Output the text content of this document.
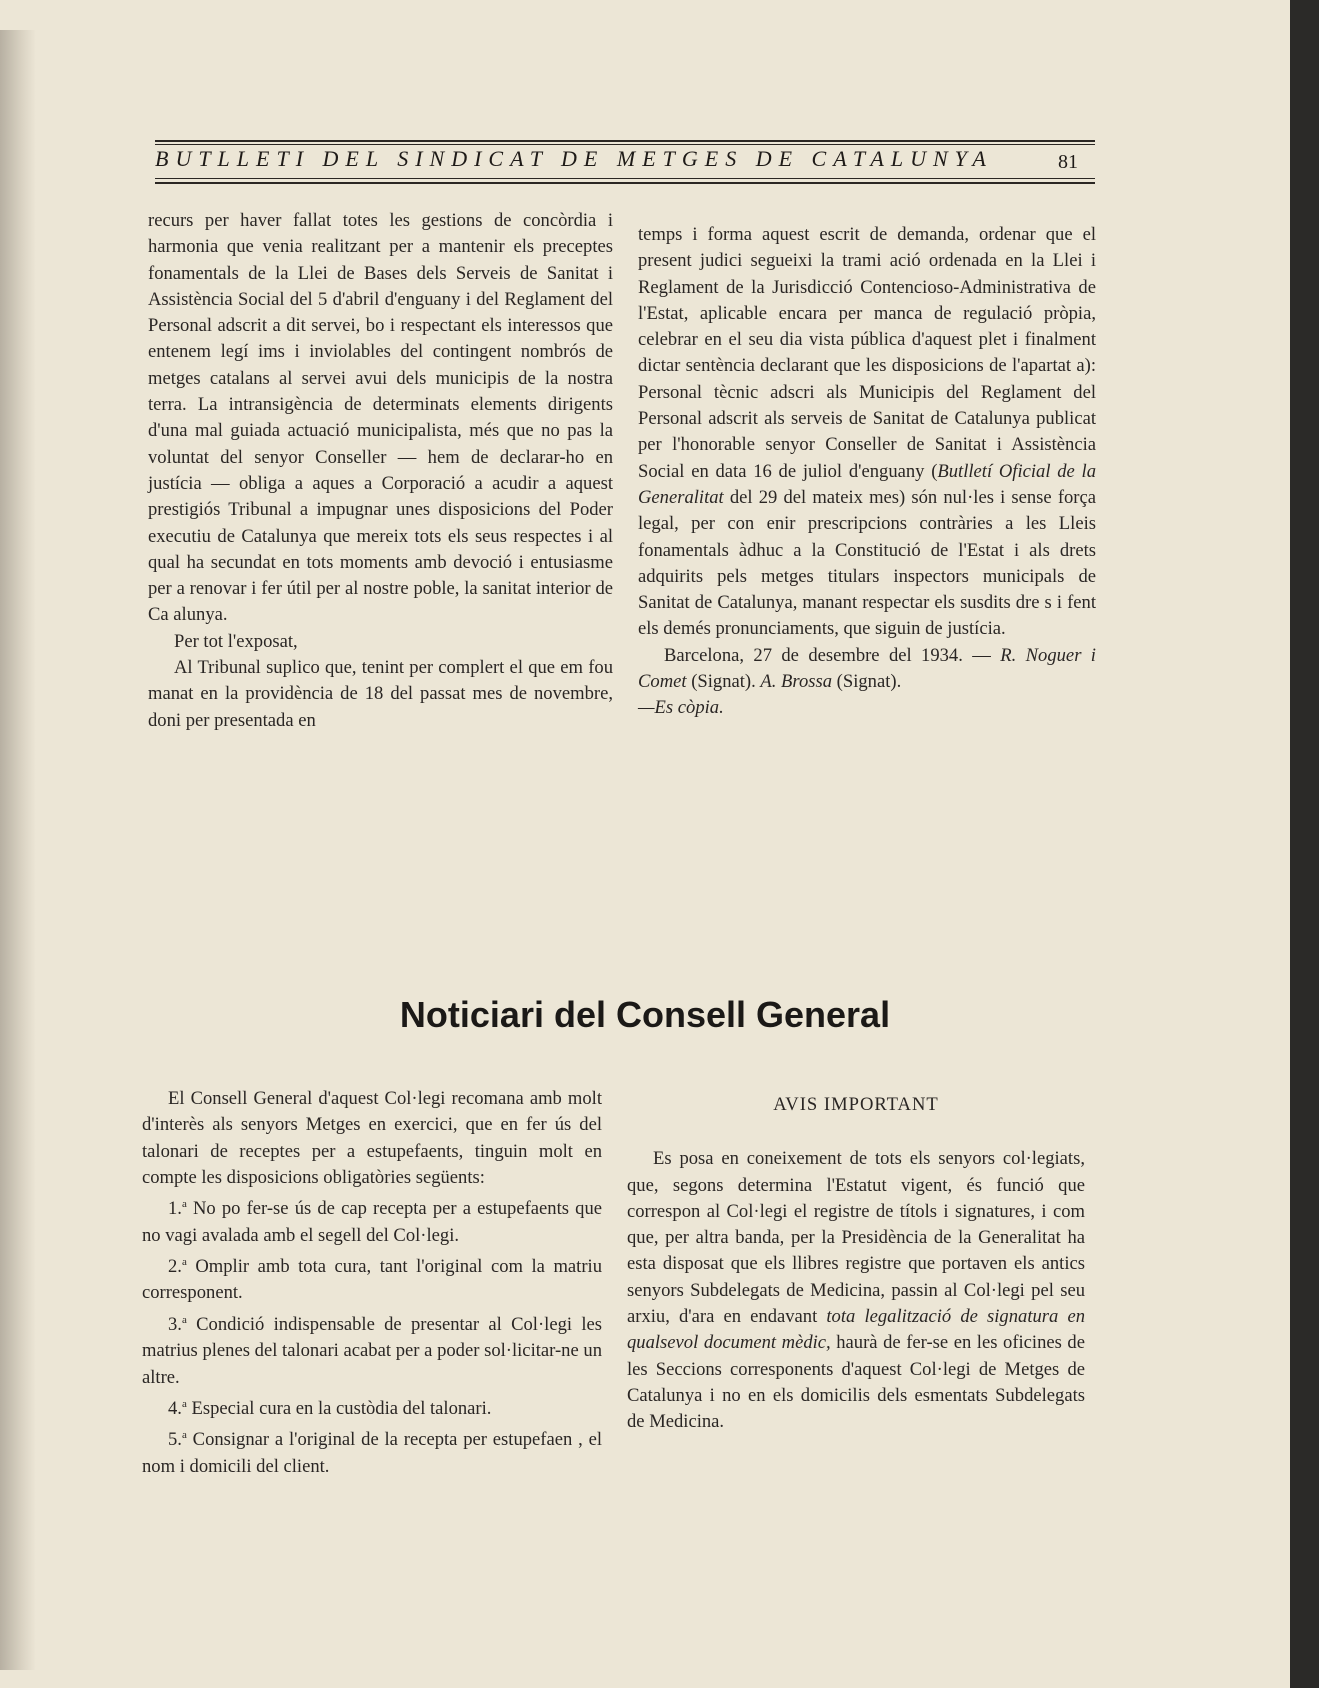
BUTLLETI DEL SINDICAT DE METGES DE CATALUNYA	81

recurs per haver fallat totes les gestions de concòrdia i harmonia que venia realitzant per a mantenir els preceptes fonamentals de la Llei de Bases dels Serveis de Sanitat i Assistència Social del 5 d'abril d'enguany i del Reglament del Personal adscrit a dit servei, bo i respectant els interessos que entenem legí ims i inviolables del contingent nombrós de metges catalans al servei avui dels municipis de la nostra terra. La intransigència de determinats elements dirigents d'una mal guiada actuació municipalista, més que no pas la voluntat del senyor Conseller — hem de declarar-ho en justícia — obliga a aques a Corporació a acudir a aquest prestigiós Tribunal a impugnar unes disposicions del Poder executiu de Catalunya que mereix tots els seus respectes i al qual ha secundat en tots moments amb devoció i entusiasme per a renovar i fer útil per al nostre poble, la sanitat interior de Ca alunya.

Per tot l'exposat,

Al Tribunal suplico que, tenint per complert el que em fou manat en la providència de 18 del passat mes de novembre, doni per presentada en

temps i forma aquest escrit de demanda, ordenar que el present judici segueixi la trami ació ordenada en la Llei i Reglament de la Jurisdicció Contencioso-Administrativa de l'Estat, aplicable encara per manca de regulació pròpia, celebrar en el seu dia vista pública d'aquest plet i finalment dictar sentència declarant que les disposicions de l'apartat a): Personal tècnic adscri als Municipis del Reglament del Personal adscrit als serveis de Sanitat de Catalunya publicat per l'honorable senyor Conseller de Sanitat i Assistència Social en data 16 de juliol d'enguany (Butlletí Oficial de la Generalitat del 29 del mateix mes) són nul·les i sense força legal, per con enir prescripcions contràries a les Lleis fonamentals àdhuc a la Constitució de l'Estat i als drets adquirits pels metges titulars inspectors municipals de Sanitat de Catalunya, manant respectar els susdits dre s i fent els demés pronunciaments, que siguin de justícia.

Barcelona, 27 de desembre del 1934. — R. Noguer i Comet (Signat). A. Brossa (Signat).

—Es còpia.

Noticiari del Consell General

El Consell General d'aquest Col·legi recomana amb molt d'interès als senyors Metges en exercici, que en fer ús del talonari de receptes per a estupefaents, tinguin molt en compte les disposicions obligatòries següents:

1.$^a$ No po fer-se ús de cap recepta per a estupefaents que no vagi avalada amb el segell del Col·legi.

2.$^a$ Omplir amb tota cura, tant l'original com la matriu corresponent.

3.$^a$ Condició indispensable de presentar al Col·legi les matrius plenes del talonari acabat per a poder sol·licitar-ne un altre.

4.$^a$ Especial cura en la custòdia del talonari.

5.$^a$ Consignar a l'original de la recepta per estupefaen , el nom i domicili del client.

AVIS IMPORTANT

Es posa en coneixement de tots els senyors col·legiats, que, segons determina l'Estatut vigent, és funció que correspon al Col·legi el registre de títols i signatures, i com que, per altra banda, per la Presidència de la Generalitat ha esta disposat que els llibres registre que portaven els antics senyors Subdelegats de Medicina, passin al Col·legi pel seu arxiu, d'ara en endavant tota legalització de signatura en qualsevol document mèdic, haurà de fer-se en les oficines de les Seccions corresponents d'aquest Col·legi de Metges de Catalunya i no en els domicilis dels esmentats Subdelegats de Medicina.
